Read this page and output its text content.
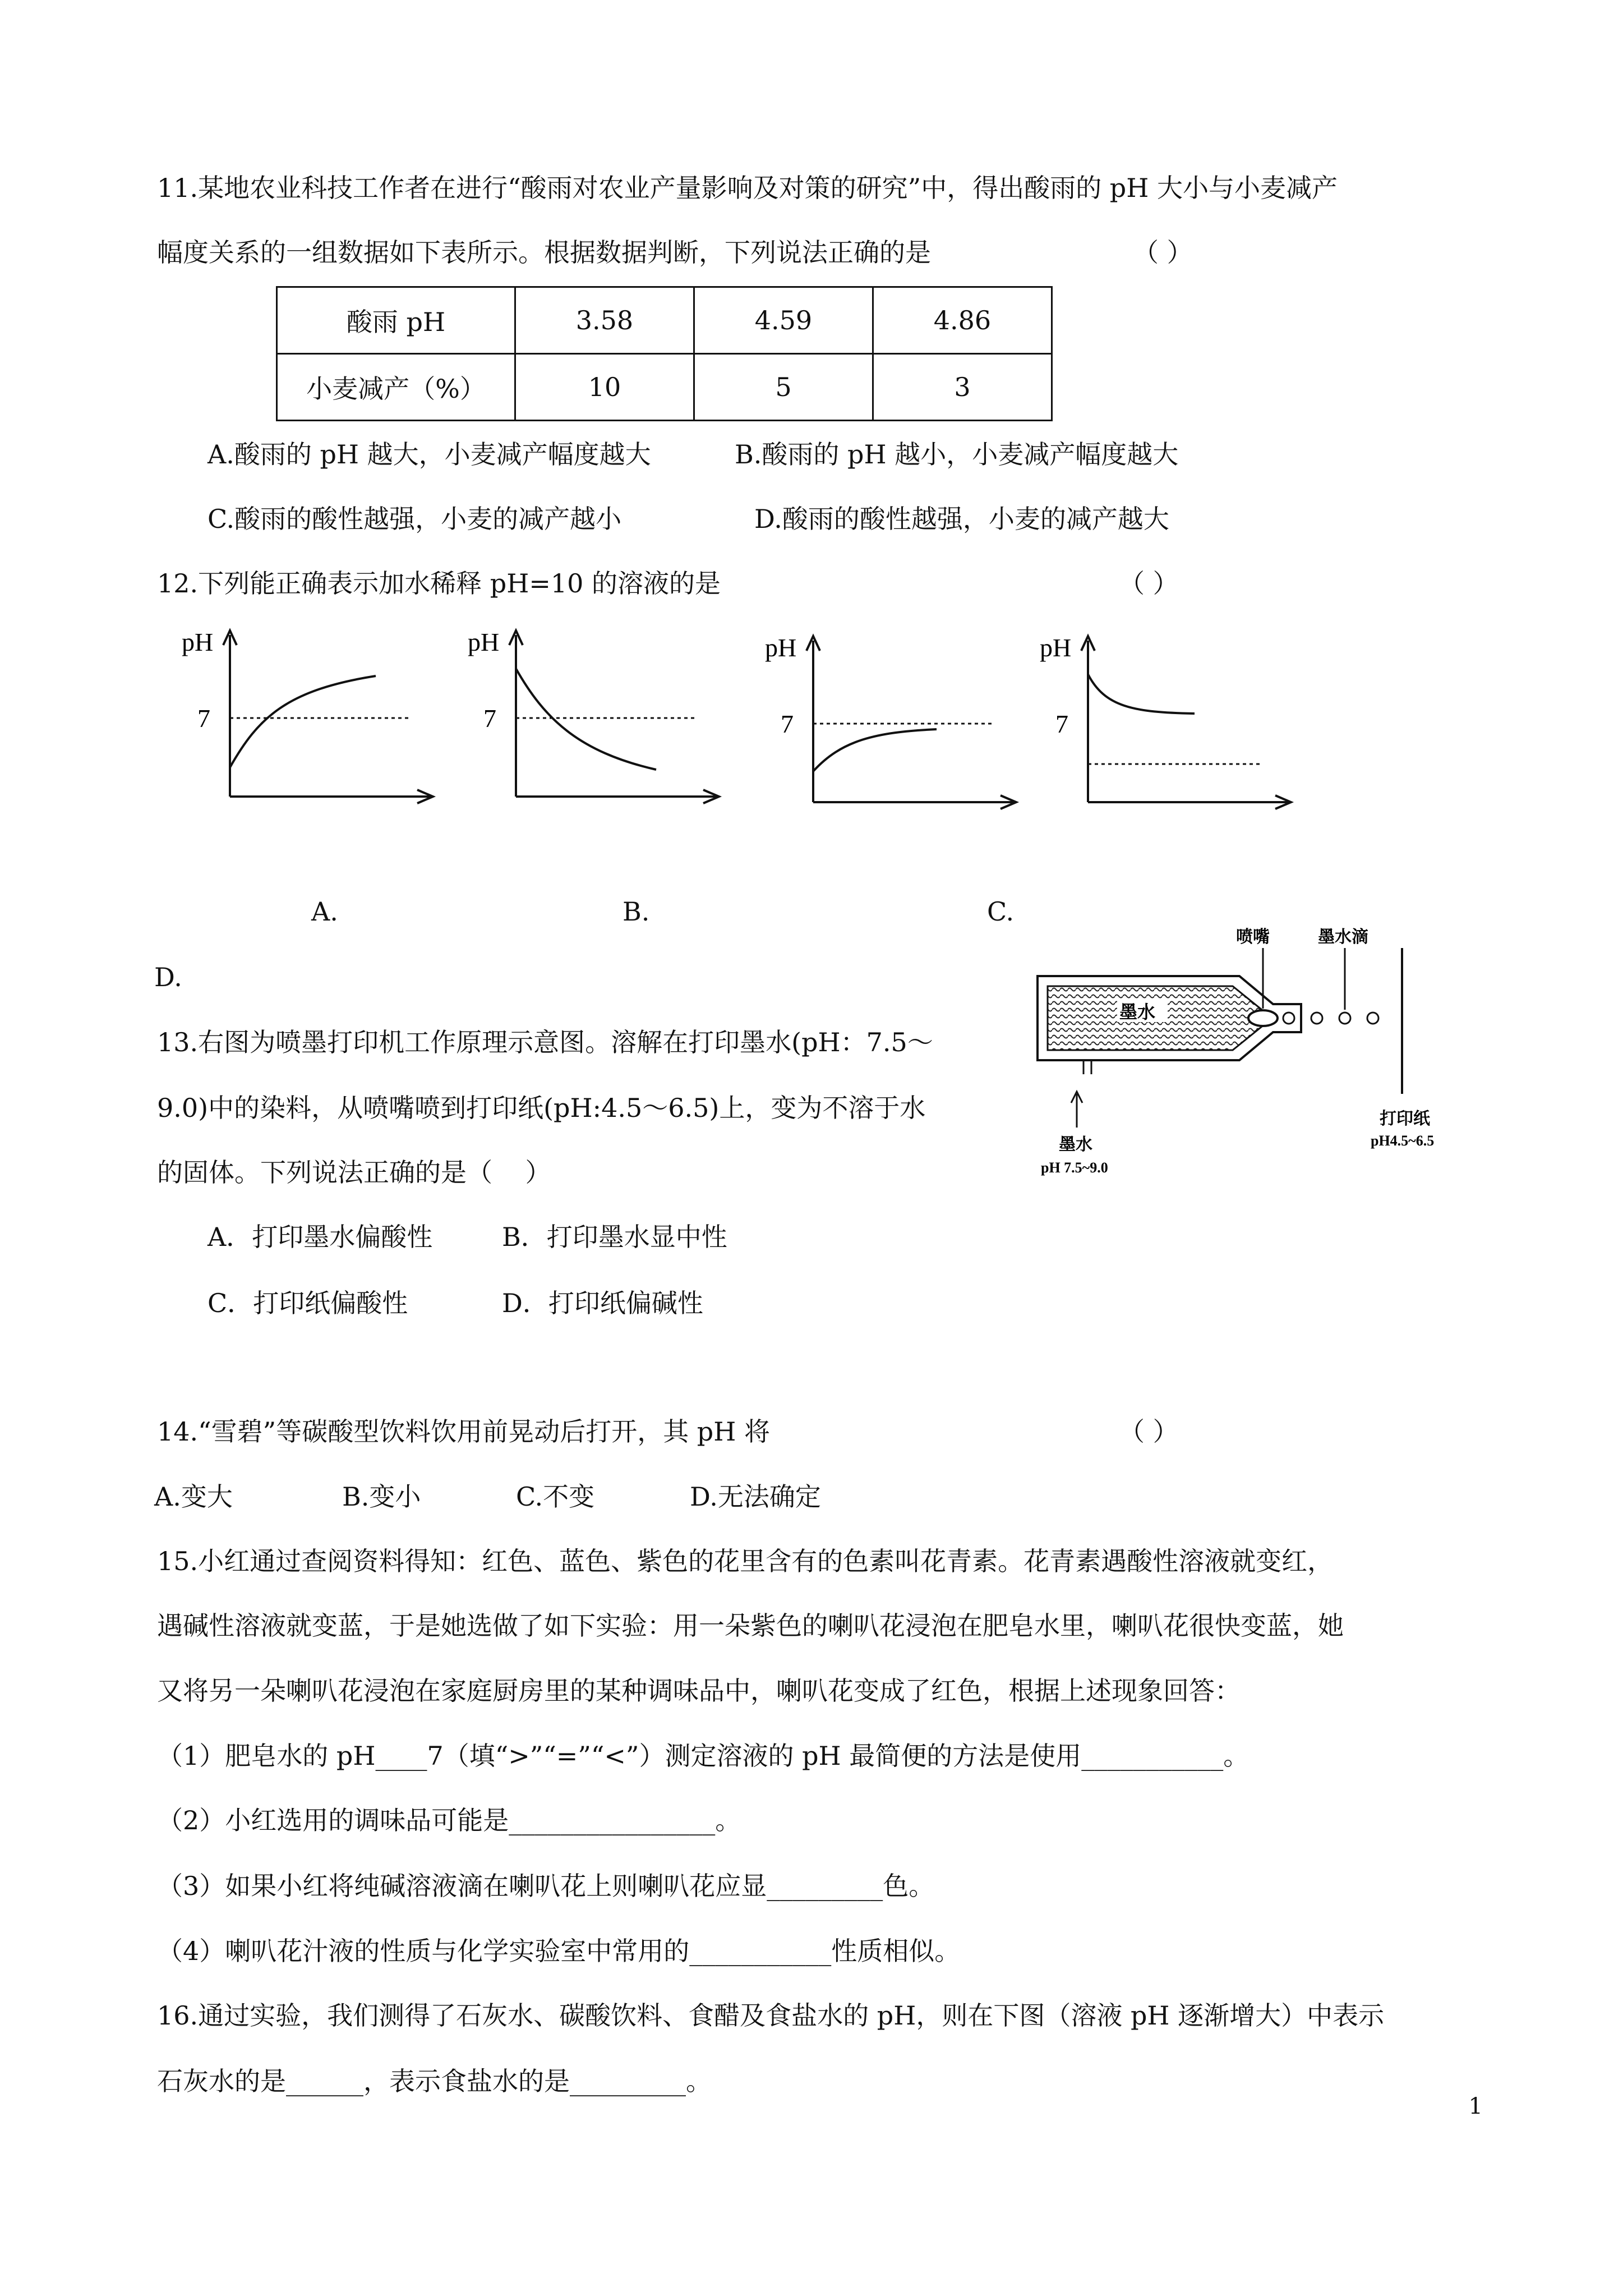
11.某地农业科技工作者在进行“酸雨对农业产量影响及对策的研究”中，得出酸雨的 pH 大小与小麦减产
幅度关系的一组数据如下表所示。根据数据判断，下列说法正确的是	（ ）
酸雨 pH	3.58	4.59	4.86
小麦减产（%）	10	5	3
A.酸雨的 pH 越大，小麦减产幅度越大	B.酸雨的 pH 越小，小麦减产幅度越大
C.酸雨的酸性越强，小麦的减产越小	D.酸雨的酸性越强，小麦的减产越大
12.下列能正确表示加水稀释 pH=10 的溶液的是	（ ）
pH
7
pH
7
pH
7
pH
7
A.	B.	C.
D.
13.右图为喷墨打印机工作原理示意图。溶解在打印墨水(pH：7.5～
9.0)中的染料，从喷嘴喷到打印纸(pH:4.5～6.5)上，变为不溶于水
的固体。下列说法正确的是（    ）
墨水
喷嘴	墨水滴
墨水
pH 7.5~9.0
打印纸
pH4.5~6.5
A．打印墨水偏酸性	B．打印墨水显中性
C．打印纸偏酸性	D．打印纸偏碱性
14.“雪碧”等碳酸型饮料饮用前晃动后打开，其 pH 将	（ ）
A.变大	B.变小	C.不变	D.无法确定
15.小红通过查阅资料得知：红色、蓝色、紫色的花里含有的色素叫花青素。花青素遇酸性溶液就变红，
遇碱性溶液就变蓝，于是她选做了如下实验：用一朵紫色的喇叭花浸泡在肥皂水里，喇叭花很快变蓝，她
又将另一朵喇叭花浸泡在家庭厨房里的某种调味品中，喇叭花变成了红色，根据上述现象回答：
（1）肥皂水的 pH____7（填“>”“=”“<”）测定溶液的 pH 最简便的方法是使用___________。
（2）小红选用的调味品可能是________________。
（3）如果小红将纯碱溶液滴在喇叭花上则喇叭花应显_________色。
（4）喇叭花汁液的性质与化学实验室中常用的___________性质相似。
16.通过实验，我们测得了石灰水、碳酸饮料、食醋及食盐水的 pH，则在下图（溶液 pH 逐渐增大）中表示
石灰水的是______，表示食盐水的是_________。
1
